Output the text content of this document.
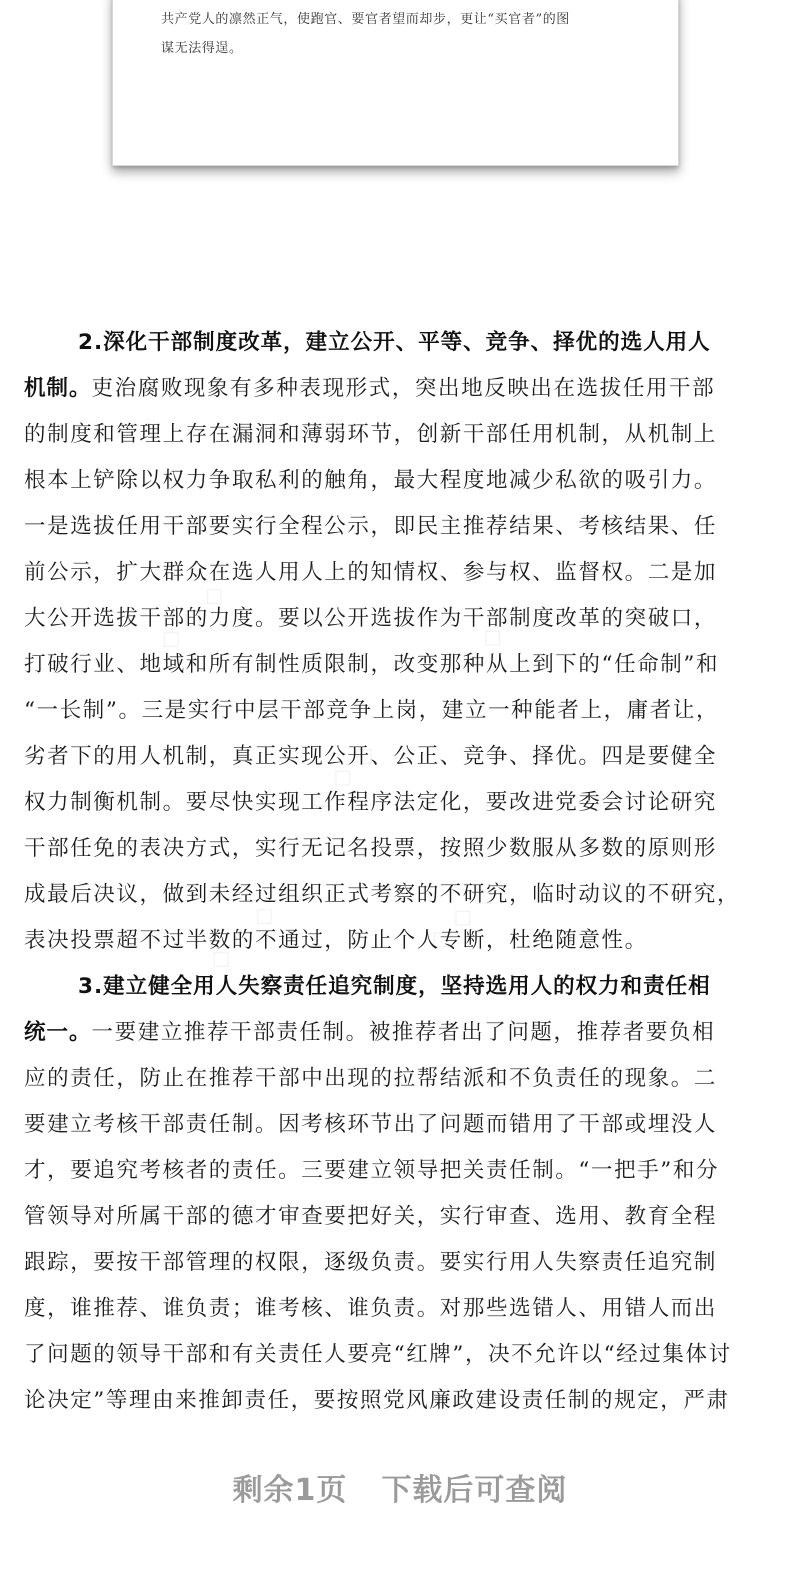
共产党人的凛然正气，使跑官、要官者望而却步，更让“买官者”的图
谋无法得逞。
2.深化干部制度改革，建立公开、平等、竞争、择优的选人用人
机制。吏治腐败现象有多种表现形式，突出地反映出在选拔任用干部
的制度和管理上存在漏洞和薄弱环节，创新干部任用机制，从机制上
根本上铲除以权力争取私利的触角，最大程度地减少私欲的吸引力。
一是选拔任用干部要实行全程公示，即民主推荐结果、考核结果、任
前公示，扩大群众在选人用人上的知情权、参与权、监督权。二是加
大公开选拔干部的力度。要以公开选拔作为干部制度改革的突破口，
打破行业、地域和所有制性质限制，改变那种从上到下的“任命制”和
“一长制”。三是实行中层干部竞争上岗，建立一种能者上，庸者让，
劣者下的用人机制，真正实现公开、公正、竞争、择优。四是要健全
权力制衡机制。要尽快实现工作程序法定化，要改进党委会讨论研究
干部任免的表决方式，实行无记名投票，按照少数服从多数的原则形
成最后决议，做到未经过组织正式考察的不研究，临时动议的不研究，
表决投票超不过半数的不通过，防止个人专断，杜绝随意性。
3.建立健全用人失察责任追究制度，坚持选用人的权力和责任相
统一。一要建立推荐干部责任制。被推荐者出了问题，推荐者要负相
应的责任，防止在推荐干部中出现的拉帮结派和不负责任的现象。二
要建立考核干部责任制。因考核环节出了问题而错用了干部或埋没人
才，要追究考核者的责任。三要建立领导把关责任制。“一把手”和分
管领导对所属干部的德才审查要把好关，实行审查、选用、教育全程
跟踪，要按干部管理的权限，逐级负责。要实行用人失察责任追究制
度，谁推荐、谁负责；谁考核、谁负责。对那些选错人、用错人而出
了问题的领导干部和有关责任人要亮“红牌”，决不允许以“经过集体讨
论决定”等理由来推卸责任，要按照党风廉政建设责任制的规定，严肃
剩余1页 下载后可查阅
